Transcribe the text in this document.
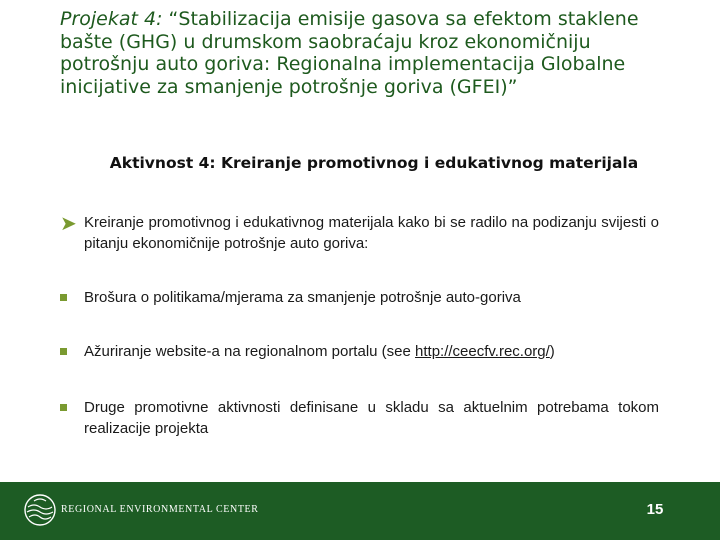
Projekat 4: “Stabilizacija emisije gasova sa efektom staklene bašte (GHG) u drumskom saobraćaju kroz ekonomičniju potrošnju auto goriva: Regionalna implementacija Globalne inicijative za smanjenje potrošnje goriva (GFEI)”
Aktivnost 4: Kreiranje promotivnog i edukativnog materijala
➤ Kreiranje promotivnog i edukativnog materijala kako bi se radilo na podizanju svijesti o pitanju ekonomičnije potrošnje auto goriva:
Brošura o politikama/mjerama za smanjenje potrošnje auto-goriva
Ažuriranje website-a na regionalnom portalu (see http://ceecfv.rec.org/)
Druge promotivne aktivnosti definisane u skladu sa aktuelnim potrebama tokom realizacije projekta
REGIONAL ENVIRONMENTAL CENTER	15
